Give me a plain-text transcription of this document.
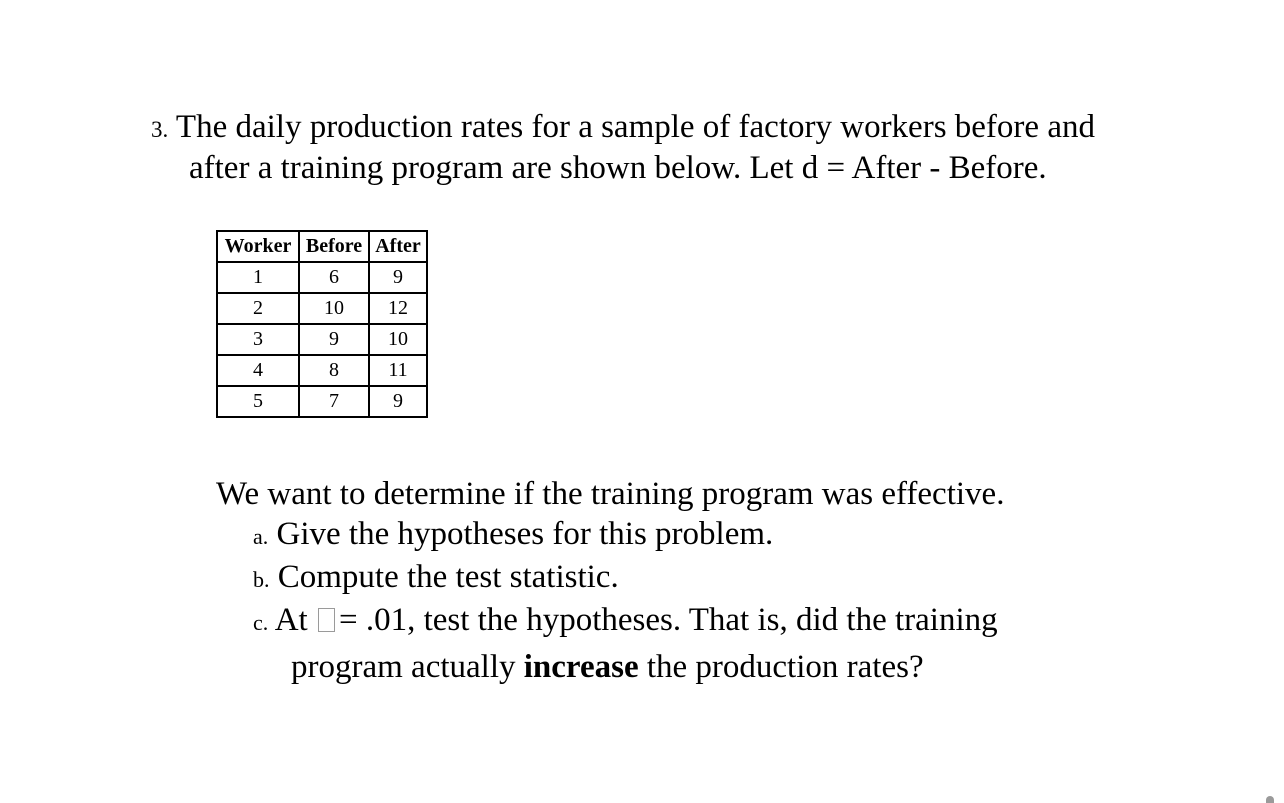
3. The daily production rates for a sample of factory workers before and
after a training program are shown below. Let d = After - Before.
Worker	Before	After
1	6	9
2	10	12
3	9	10
4	8	11
5	7	9
We want to determine if the training program was effective.
a. Give the hypotheses for this problem.
b. Compute the test statistic.
c. At = .01, test the hypotheses. That is, did the training
program actually increase the production rates?
